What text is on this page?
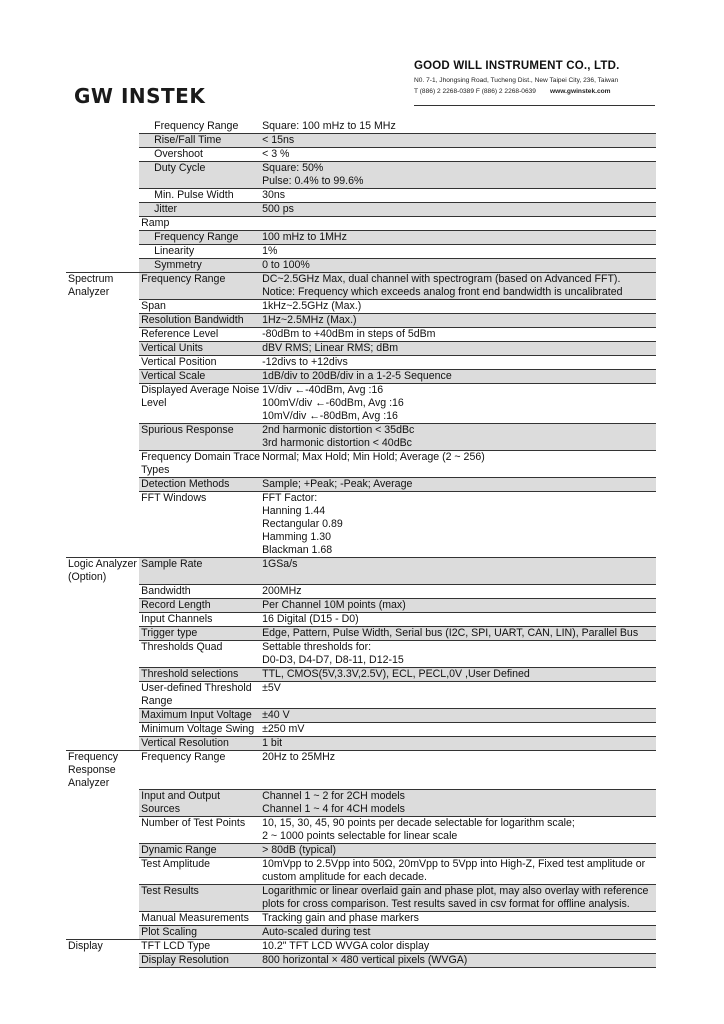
GW INSTEK
GOOD WILL INSTRUMENT CO., LTD.
N0. 7-1, Jhongsing Road, Tucheng Dist., New Taipei City, 236, Taiwan
T (886) 2 2268-0389 F (886) 2 2268-0639 www.gwinstek.com
	Frequency Range	Square: 100 mHz to 15 MHz

	Rise/Fall Time	< 15ns

	Overshoot	< 3 %

	Duty Cycle	Square: 50%
Pulse: 0.4% to 99.6%

	Min. Pulse Width	30ns

	Jitter	500 ps

	Ramp	

	Frequency Range	100 mHz to 1MHz

	Linearity	1%

	Symmetry	0 to 100%

Spectrum Analyzer	Frequency Range	DC~2.5GHz Max, dual channel with spectrogram (based on Advanced FFT).
Notice: Frequency which exceeds analog front end bandwidth is uncalibrated

	Span	1kHz~2.5GHz (Max.)

	Resolution Bandwidth	1Hz~2.5MHz (Max.)

	Reference Level	-80dBm to +40dBm in steps of 5dBm

	Vertical Units	dBV RMS; Linear RMS; dBm

	Vertical Position	-12divs to +12divs

	Vertical Scale	1dB/div to 20dB/div in a 1-2-5 Sequence

	Displayed Average Noise Level	1V/div ←-40dBm, Avg :16
100mV/div ←-60dBm, Avg :16
10mV/div ←-80dBm, Avg :16

	Spurious Response	2nd harmonic distortion < 35dBc
3rd harmonic distortion < 40dBc

	Frequency Domain Trace Types	Normal; Max Hold; Min Hold; Average (2 ~ 256)

	Detection Methods	Sample; +Peak; -Peak; Average

	FFT Windows	FFT Factor:
Hanning 1.44
Rectangular 0.89
Hamming 1.30
Blackman 1.68

Logic Analyzer (Option)	Sample Rate	1GSa/s

	Bandwidth	200MHz

	Record Length	Per Channel 10M points (max)

	Input Channels	16 Digital (D15 - D0)

	Trigger type	Edge, Pattern, Pulse Width, Serial bus (I2C, SPI, UART, CAN, LIN), Parallel Bus

	Thresholds Quad	Settable thresholds for:
D0-D3, D4-D7, D8-11, D12-15

	Threshold selections	TTL, CMOS(5V,3.3V,2.5V), ECL, PECL,0V ,User Defined

	User-defined Threshold Range	±5V

	Maximum Input Voltage	±40 V

	Minimum Voltage Swing	±250 mV

	Vertical Resolution	1 bit

Frequency Response Analyzer	Frequency Range	20Hz to 25MHz

	Input and Output Sources	Channel 1 ~ 2 for 2CH models
Channel 1 ~ 4 for 4CH models

	Number of Test Points	10, 15, 30, 45, 90 points per decade selectable for logarithm scale;
2 ~ 1000 points selectable for linear scale

	Dynamic Range	> 80dB (typical)

	Test Amplitude	10mVpp to 2.5Vpp into 50Ω, 20mVpp to 5Vpp into High-Z, Fixed test amplitude or
custom amplitude for each decade.

	Test Results	Logarithmic or linear overlaid gain and phase plot, may also overlay with reference
plots for cross comparison. Test results saved in csv format for offline analysis.

	Manual Measurements	Tracking gain and phase markers

	Plot Scaling	Auto-scaled during test

Display	TFT LCD Type	10.2" TFT LCD WVGA color display

	Display Resolution	800 horizontal × 480 vertical pixels (WVGA)
